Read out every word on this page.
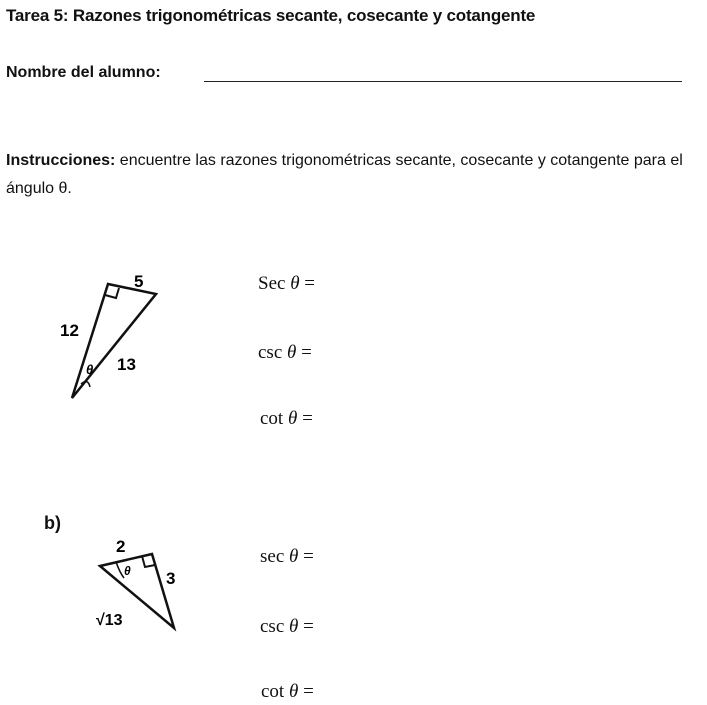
Tarea 5: Razones trigonométricas secante, cosecante y cotangente
Nombre del alumno:
Instrucciones: encuentre las razones trigonométricas secante, cosecante y cotangente para el ángulo θ.
5
12
13
θ
Sec θ =
csc θ =
cot θ =
b)
2
3
√13
θ
sec θ =
csc θ =
cot θ =
